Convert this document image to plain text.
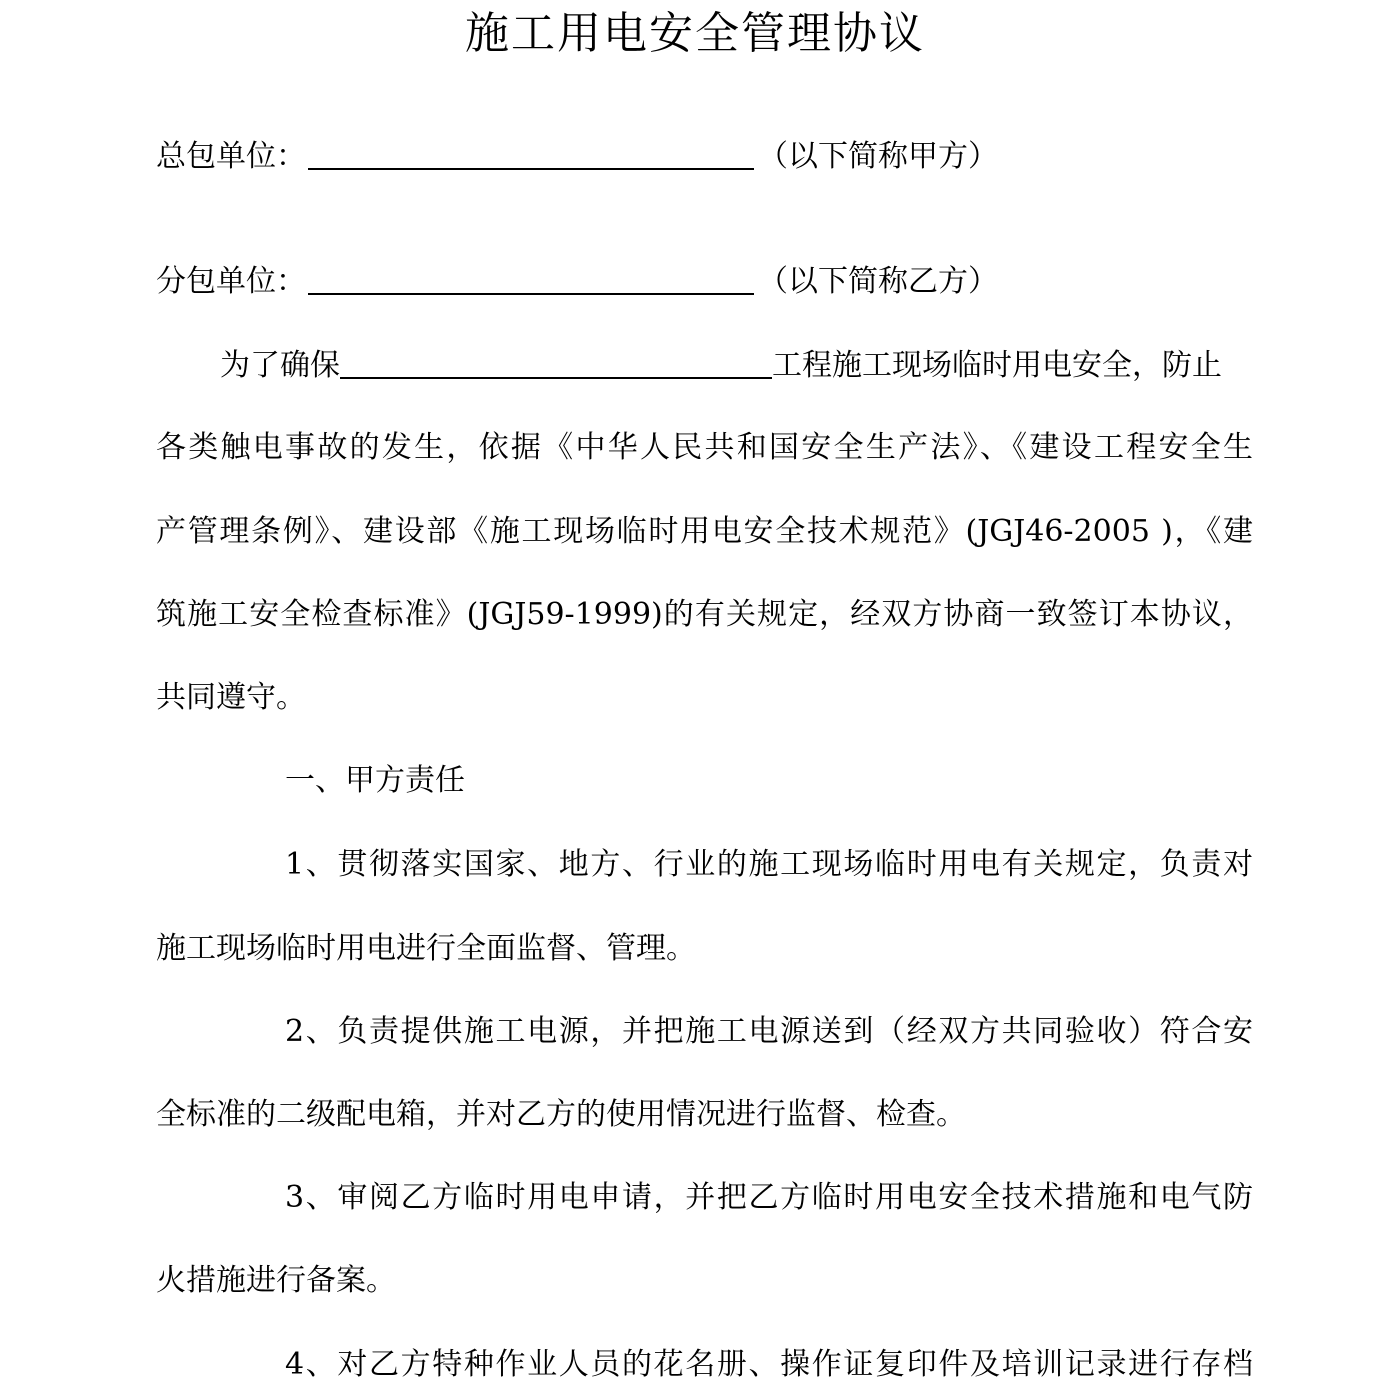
施工用电安全管理协议
总包单位：	（以下简称甲方）
分包单位：	（以下简称乙方）
为了确保	工程施工现场临时用电安全，防止
各类触电事故的发生，依据《中华人民共和国安全生产法》、《建设工程安全生
产管理条例》、建设部《施工现场临时用电安全技术规范》(JGJ46-2005 )，《建
筑施工安全检查标准》(JGJ59-1999)的有关规定，经双方协商一致签订本协议，
共同遵守。
一、甲方责任
1、贯彻落实国家、地方、行业的施工现场临时用电有关规定，负责对
施工现场临时用电进行全面监督、管理。
2、负责提供施工电源，并把施工电源送到（经双方共同验收）符合安
全标准的二级配电箱，并对乙方的使用情况进行监督、检查。
3、审阅乙方临时用电申请，并把乙方临时用电安全技术措施和电气防
火措施进行备案。
4、对乙方特种作业人员的花名册、操作证复印件及培训记录进行存档
